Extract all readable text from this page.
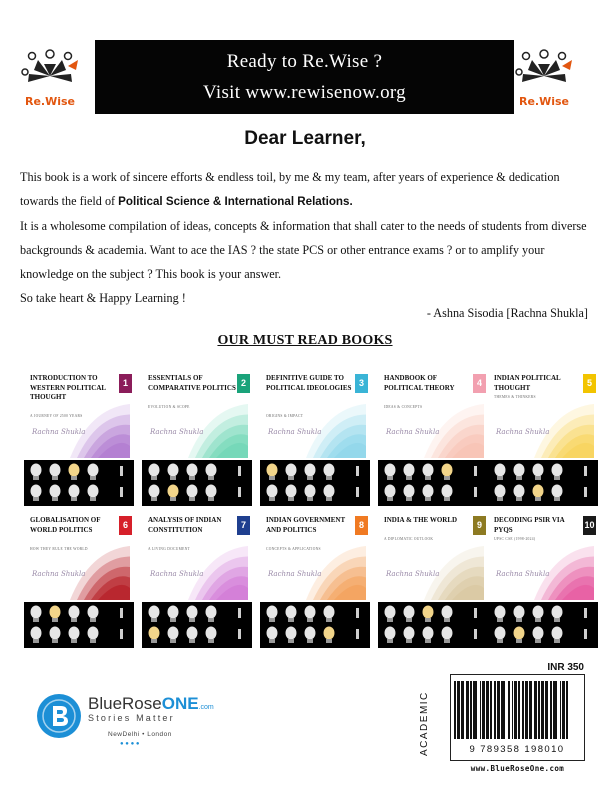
Re.Wise	Re.Wise
Ready to Re.Wise ?
Visit www.rewisenow.org
Dear Learner,

This book is a work of sincere efforts & endless toil, by me & my team, after years of experience & dedication towards the field of Political Science & International Relations.

It is a wholesome compilation of ideas, concepts & information that shall cater to the needs of students from diverse backgrounds & academia. Want to ace the IAS ? the state PCS or other entrance exams ? or to amplify your knowledge on the subject ? This book is your answer.

So take heart & Happy Learning !

- Ashna Sisodia [Rachna Shukla]
OUR MUST READ BOOKS
INTRODUCTION TO WESTERN POLITICAL THOUGHT
1
A JOURNEY OF 2500 YEARS
Rachna Shukla
ESSENTIALS OF COMPARATIVE POLITICS 2
EVOLUTION & SCOPE
Rachna Shukla
DEFINITIVE GUIDE TO POLITICAL IDEOLOGIES 3
ORIGINS & IMPACT
Rachna Shukla
HANDBOOK OF POLITICAL THEORY	4
IDEAS & CONCEPTS
Rachna Shukla
INDIAN POLITICAL THOUGHT	5
THEMES & THINKERS
Rachna Shukla
GLOBALISATION OF WORLD POLITICS	6
HOW THEY RULE THE WORLD
Rachna Shukla
ANALYSIS OF INDIAN CONSTITUTION	7
A LIVING DOCUMENT
Rachna Shukla
INDIAN GOVERNMENT AND POLITICS	8
CONCEPTS & APPLICATIONS
Rachna Shukla
INDIA & THE WORLD	9
A DIPLOMATIC OUTLOOK
Rachna Shukla
DECODING PSIR VIA PYQS	10
UPSC CSE (1998-2024)
Rachna Shukla
INR 350
ACADEMIC	9 789358 198010
www.BlueRoseOne.com
BlueRoseONE.com
Stories Matter
NewDelhi • London
● ● ● ●
